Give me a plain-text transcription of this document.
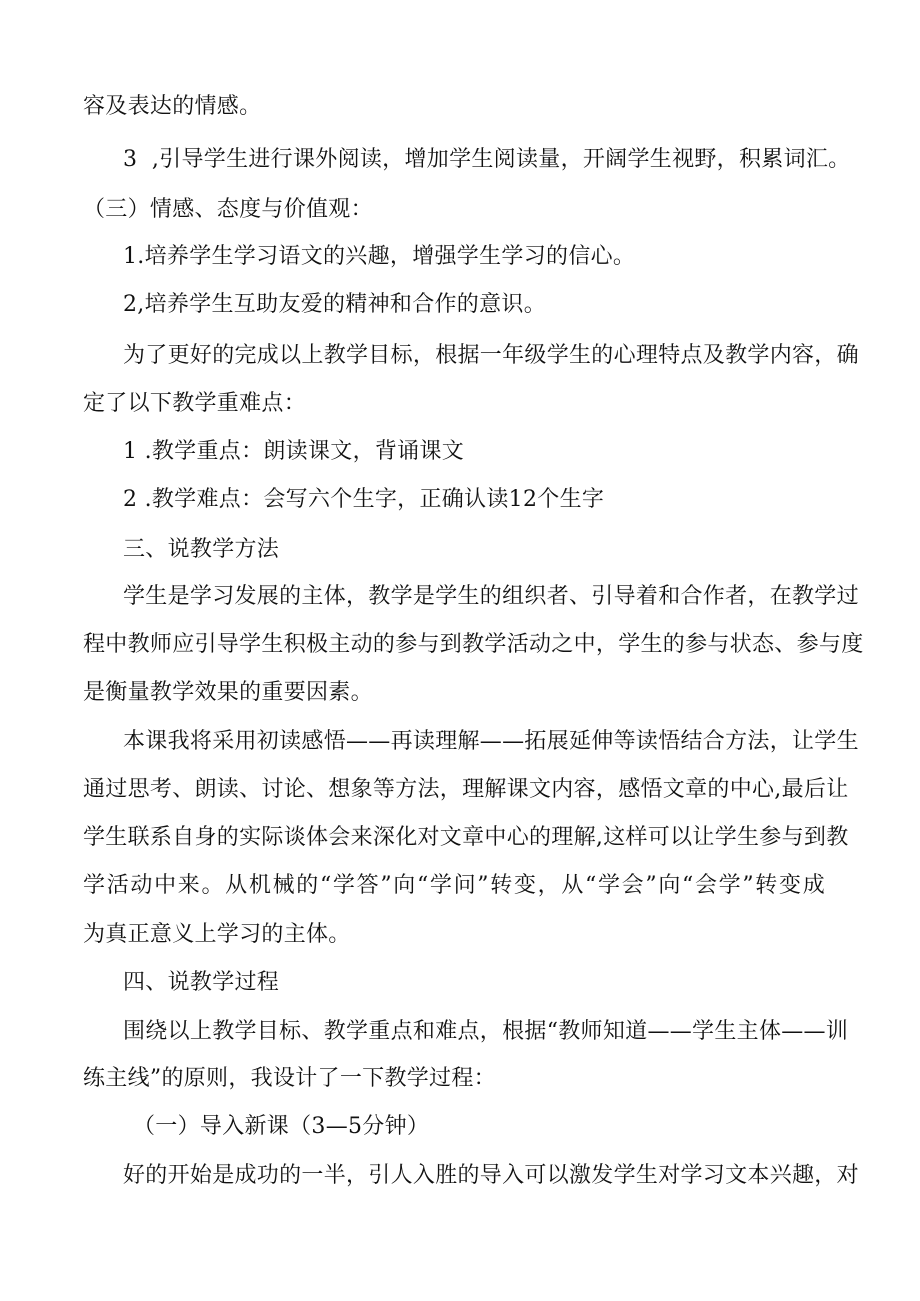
容及表达的情感。
3  ,引导学生进行课外阅读，增加学生阅读量，开阔学生视野，积累词汇。
（三）情感、态度与价值观：
1.培养学生学习语文的兴趣，增强学生学习的信心。
2,培养学生互助友爱的精神和合作的意识。
为了更好的完成以上教学目标，根据一年级学生的心理特点及教学内容，确
定了以下教学重难点：
1 .教学重点：朗读课文，背诵课文
2 .教学难点：会写六个生字，正确认读12个生字
三、说教学方法
学生是学习发展的主体，教学是学生的组织者、引导着和合作者，在教学过
程中教师应引导学生积极主动的参与到教学活动之中，学生的参与状态、参与度
是衡量教学效果的重要因素。
本课我将采用初读感悟——再读理解——拓展延伸等读悟结合方法，让学生
通过思考、朗读、讨论、想象等方法，理解课文内容，感悟文章的中心,最后让
学生联系自身的实际谈体会来深化对文章中心的理解,这样可以让学生参与到教
学活动中来。从机械的“学答”向“学问”转变，从“学会”向“会学”转变成
为真正意义上学习的主体。
四、说教学过程
围绕以上教学目标、教学重点和难点，根据“教师知道——学生主体——训
练主线”的原则，我设计了一下教学过程：
（一）导入新课（3—5分钟）
好的开始是成功的一半，引人入胜的导入可以激发学生对学习文本兴趣，对
